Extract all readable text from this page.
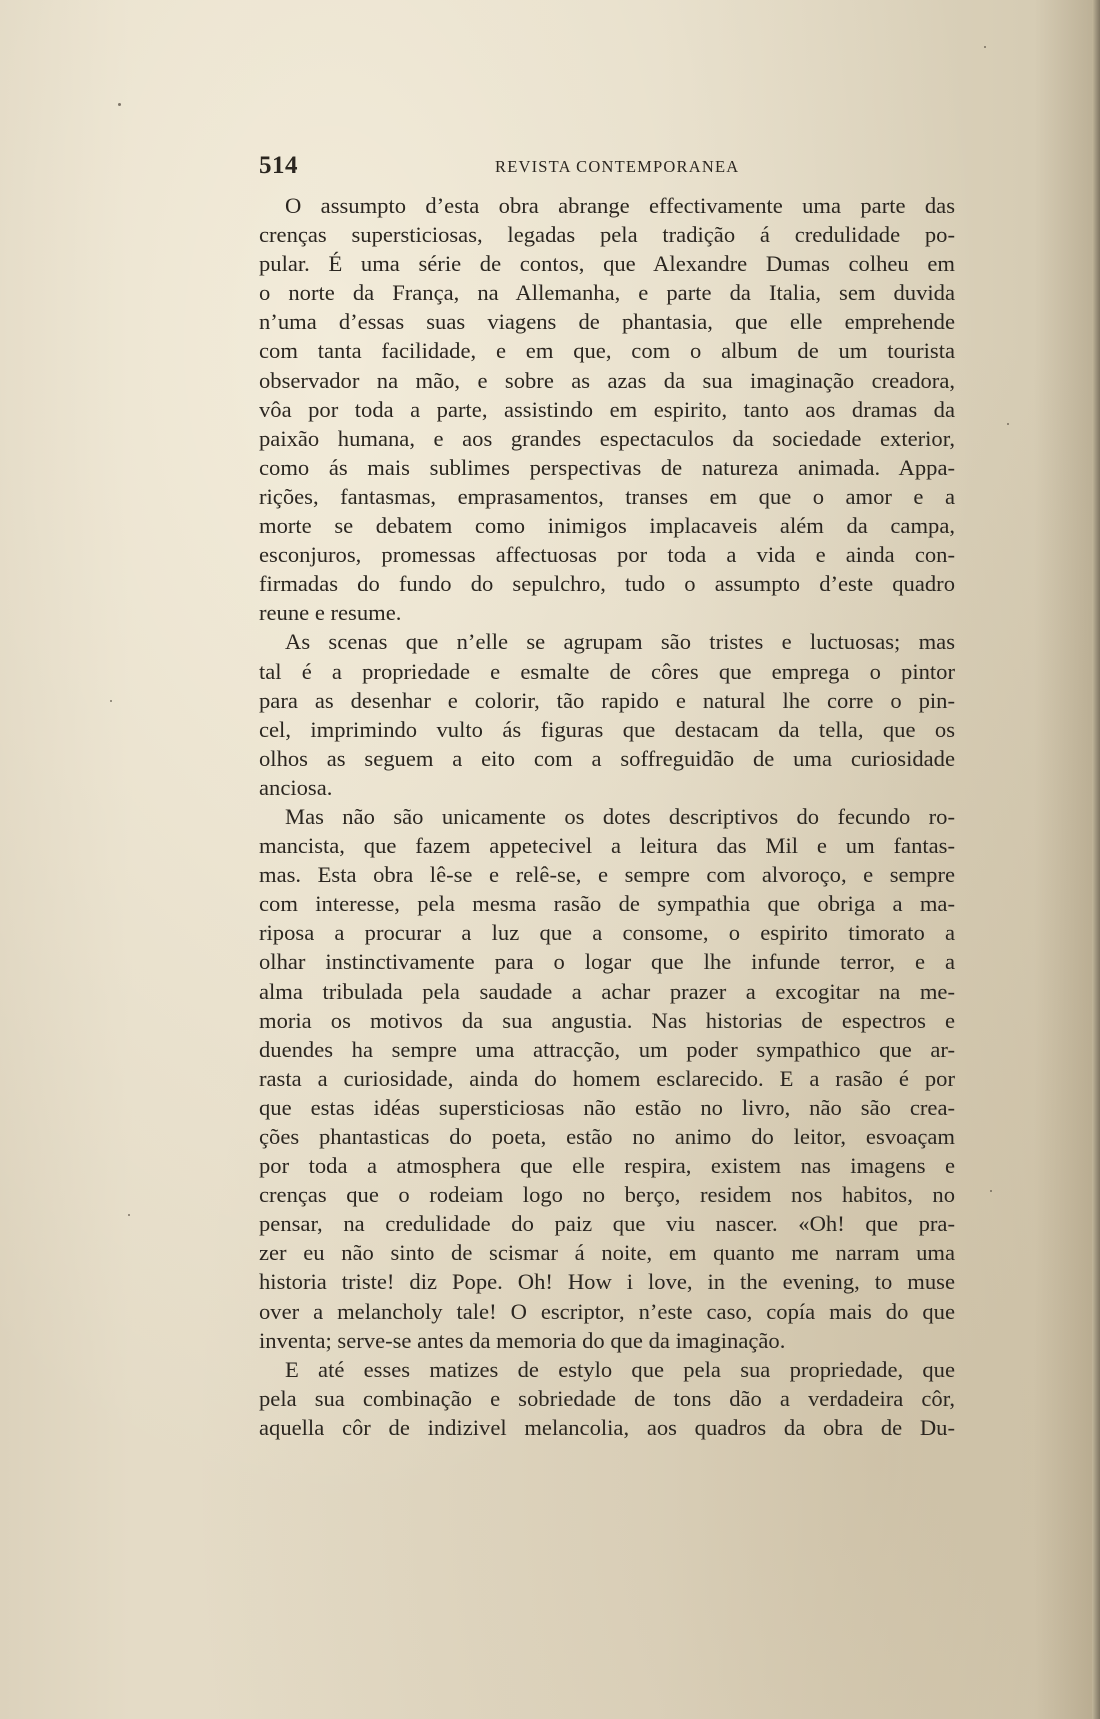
514	REVISTA CONTEMPORANEA
O assumpto d’esta obra abrange effectivamente uma parte das
crenças supersticiosas, legadas pela tradição á credulidade po-
pular. É uma série de contos, que Alexandre Dumas colheu em
o norte da França, na Allemanha, e parte da Italia, sem duvida
n’uma d’essas suas viagens de phantasia, que elle emprehende
com tanta facilidade, e em que, com o album de um tourista
observador na mão, e sobre as azas da sua imaginação creadora,
vôa por toda a parte, assistindo em espirito, tanto aos dramas da
paixão humana, e aos grandes espectaculos da sociedade exterior,
como ás mais sublimes perspectivas de natureza animada. Appa-
rições, fantasmas, emprasamentos, transes em que o amor e a
morte se debatem como inimigos implacaveis além da campa,
esconjuros, promessas affectuosas por toda a vida e ainda con-
firmadas do fundo do sepulchro, tudo o assumpto d’este quadro
reune e resume.
As scenas que n’elle se agrupam são tristes e luctuosas; mas
tal é a propriedade e esmalte de côres que emprega o pintor
para as desenhar e colorir, tão rapido e natural lhe corre o pin-
cel, imprimindo vulto ás figuras que destacam da tella, que os
olhos as seguem a eito com a soffreguidão de uma curiosidade
anciosa.
Mas não são unicamente os dotes descriptivos do fecundo ro-
mancista, que fazem appetecivel a leitura das Mil e um fantas-
mas. Esta obra lê-se e relê-se, e sempre com alvoroço, e sempre
com interesse, pela mesma rasão de sympathia que obriga a ma-
riposa a procurar a luz que a consome, o espirito timorato a
olhar instinctivamente para o logar que lhe infunde terror, e a
alma tribulada pela saudade a achar prazer a excogitar na me-
moria os motivos da sua angustia. Nas historias de espectros e
duendes ha sempre uma attracção, um poder sympathico que ar-
rasta a curiosidade, ainda do homem esclarecido. E a rasão é por
que estas idéas supersticiosas não estão no livro, não são crea-
ções phantasticas do poeta, estão no animo do leitor, esvoaçam
por toda a atmosphera que elle respira, existem nas imagens e
crenças que o rodeiam logo no berço, residem nos habitos, no
pensar, na credulidade do paiz que viu nascer. «Oh! que pra-
zer eu não sinto de scismar á noite, em quanto me narram uma
historia triste! diz Pope. Oh! How i love, in the evening, to muse
over a melancholy tale! O escriptor, n’este caso, copía mais do que
inventa; serve-se antes da memoria do que da imaginação.
E até esses matizes de estylo que pela sua propriedade, que
pela sua combinação e sobriedade de tons dão a verdadeira côr,
aquella côr de indizivel melancolia, aos quadros da obra de Du-
